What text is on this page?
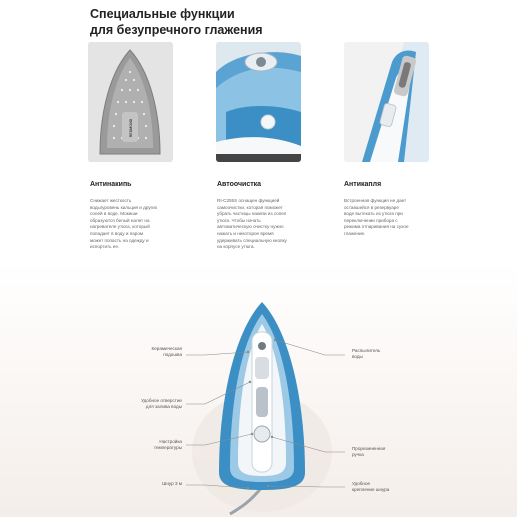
Специальные функции
для безупречного глажения
REDMOND
Антинакипь
Снижает жесткость
воды/уровень кальция и других
солей в воде. Мокиши
образуются белый налет на
нагревателе утюга, который
попадает в воду и паром
может попасть на одежду и
испортить ее.
Автоочистка
RI-C255S оснащен функцией
самоочистки, которая поможет
убрать частицы накипи из сопел
утюга. Чтобы начать
автоматическую очистку нужно
нажать и некоторое время
удерживать специальную кнопку
на корпусе утюга.
Антикапля
Встроенная функция не дает
оставшейся в резервуаре
воде вытекать из утюга при
переключении прибора с
режима отпаривания на сухое
глажение.
Керамическая
подошва
Удобное отверстие
для залива воды
Настройка
температуры
Шнур 3 м
Распылитель
воды
Прорезиненная
ручка
Удобное
крепление шнура
